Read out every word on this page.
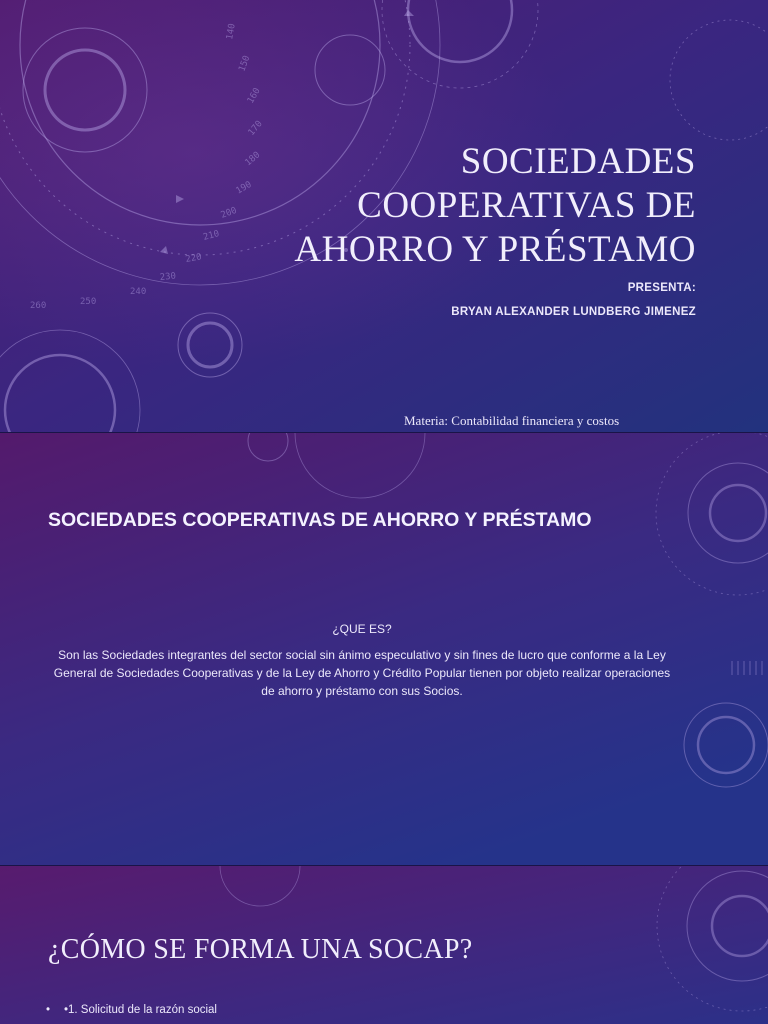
140
150
160
170
180
190
200
210
220
230
240
250
260
SOCIEDADES
COOPERATIVAS DE
AHORRO Y PRÉSTAMO
PRESENTA:
BRYAN ALEXANDER LUNDBERG JIMENEZ
Materia: Contabilidad financiera y costos
SOCIEDADES COOPERATIVAS DE AHORRO Y PRÉSTAMO
¿QUE ES?
Son las Sociedades integrantes del sector social sin ánimo especulativo y sin fines de lucro que conforme a la Ley General de Sociedades Cooperativas y de la Ley de Ahorro y Crédito Popular tienen por objeto realizar operaciones de ahorro y préstamo con sus Socios.
¿CÓMO SE FORMA UNA SOCAP?
• •1. Solicitud de la razón social
